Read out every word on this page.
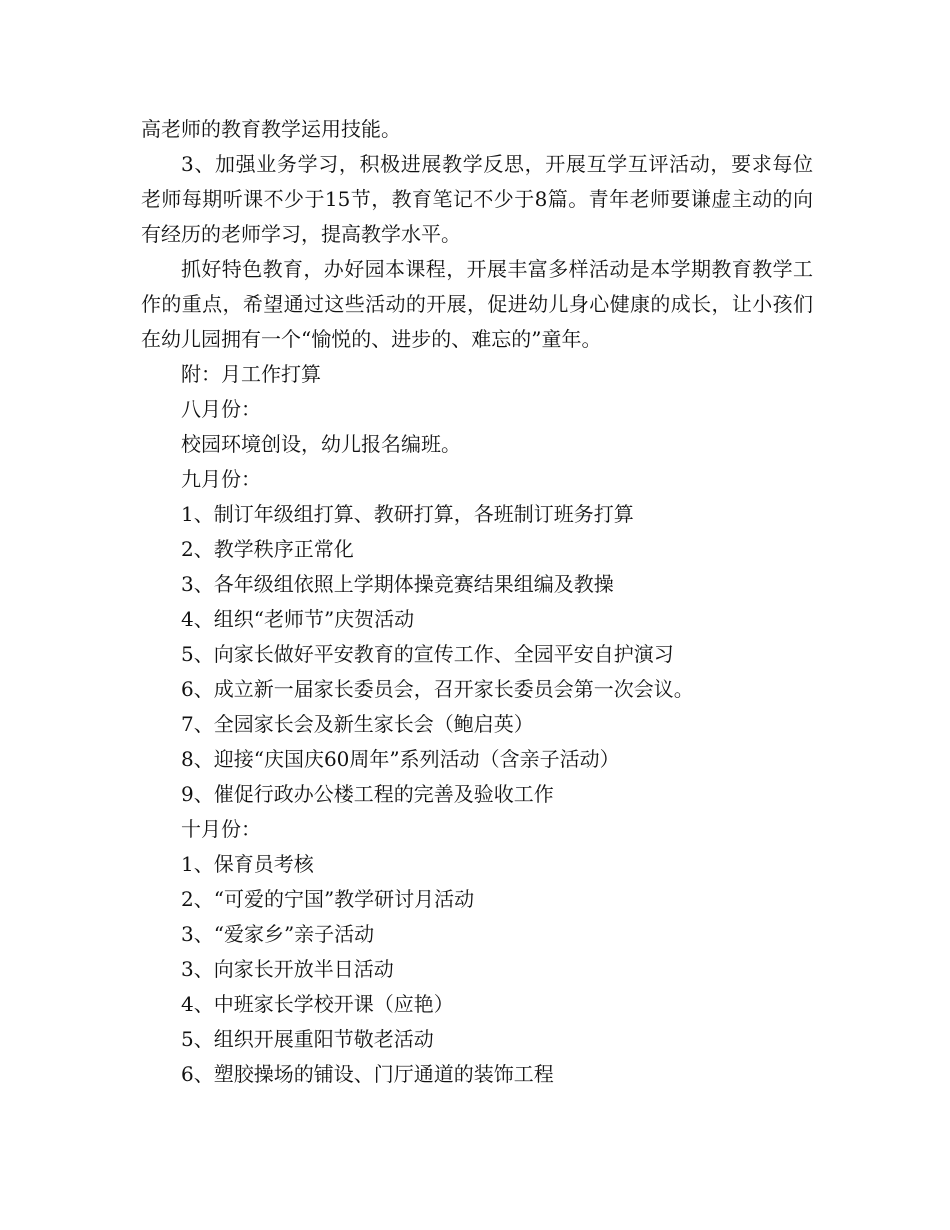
高老师的教育教学运用技能。

3、加强业务学习，积极进展教学反思，开展互学互评活动，要求每位老师每期听课不少于15节，教育笔记不少于8篇。青年老师要谦虚主动的向有经历的老师学习，提高教学水平。

抓好特色教育，办好园本课程，开展丰富多样活动是本学期教育教学工作的重点，希望通过这些活动的开展，促进幼儿身心健康的成长，让小孩们在幼儿园拥有一个“愉悦的、进步的、难忘的”童年。

附：月工作打算

八月份：

校园环境创设，幼儿报名编班。

九月份：

1、制订年级组打算、教研打算，各班制订班务打算

2、教学秩序正常化

3、各年级组依照上学期体操竞赛结果组编及教操

4、组织“老师节”庆贺活动

5、向家长做好平安教育的宣传工作、全园平安自护演习

6、成立新一届家长委员会，召开家长委员会第一次会议。

7、全园家长会及新生家长会（鲍启英）

8、迎接“庆国庆60周年”系列活动（含亲子活动）

9、催促行政办公楼工程的完善及验收工作

十月份：

1、保育员考核

2、“可爱的宁国”教学研讨月活动

3、“爱家乡”亲子活动

3、向家长开放半日活动

4、中班家长学校开课（应艳）

5、组织开展重阳节敬老活动

6、塑胶操场的铺设、门厅通道的装饰工程
